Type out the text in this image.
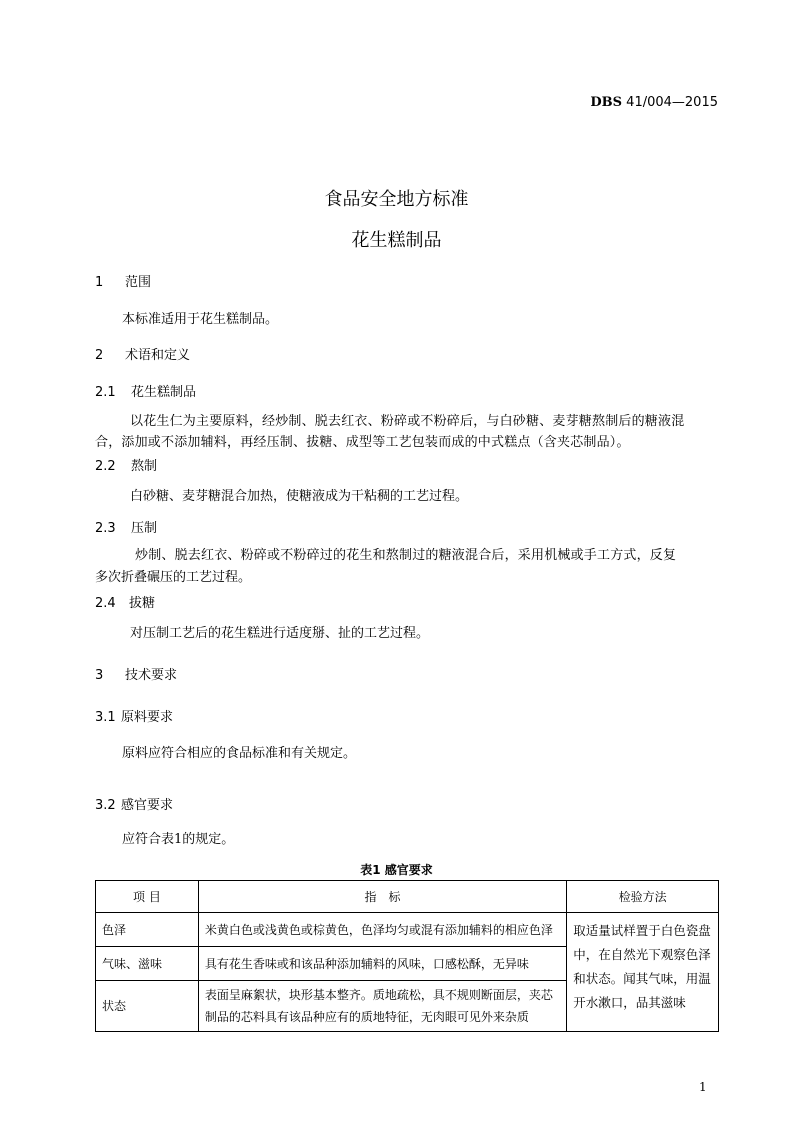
DBS 41/004—2015
食品安全地方标准
花生糕制品
1 范围
本标准适用于花生糕制品。
2 术语和定义
2.1 花生糕制品
以花生仁为主要原料，经炒制、脱去红衣、粉碎或不粉碎后，与白砂糖、麦芽糖熬制后的糖液混
合，添加或不添加辅料，再经压制、拔糖、成型等工艺包装而成的中式糕点（含夹芯制品）。
2.2 熬制
白砂糖、麦芽糖混合加热，使糖液成为干粘稠的工艺过程。
2.3 压制
炒制、脱去红衣、粉碎或不粉碎过的花生和熬制过的糖液混合后，采用机械或手工方式，反复
多次折叠碾压的工艺过程。
2.4 拔糖
对压制工艺后的花生糕进行适度掰、扯的工艺过程。
3 技术要求
3.1 原料要求
原料应符合相应的食品标准和有关规定。
3.2 感官要求
应符合表1的规定。
表1 感官要求
项 目	指　标	检验方法
色泽	米黄白色或浅黄色或棕黄色，色泽均匀或混有添加辅料的相应色泽	取适量试样置于白色瓷盘中，在自然光下观察色泽和状态。闻其气味，用温开水漱口，品其滋味
气味、滋味	具有花生香味或和该品种添加辅料的风味，口感松酥，无异味	
状态	表面呈麻絮状，块形基本整齐。质地疏松，具不规则断面层，夹芯制品的芯料具有该品种应有的质地特征，无肉眼可见外来杂质	
1
